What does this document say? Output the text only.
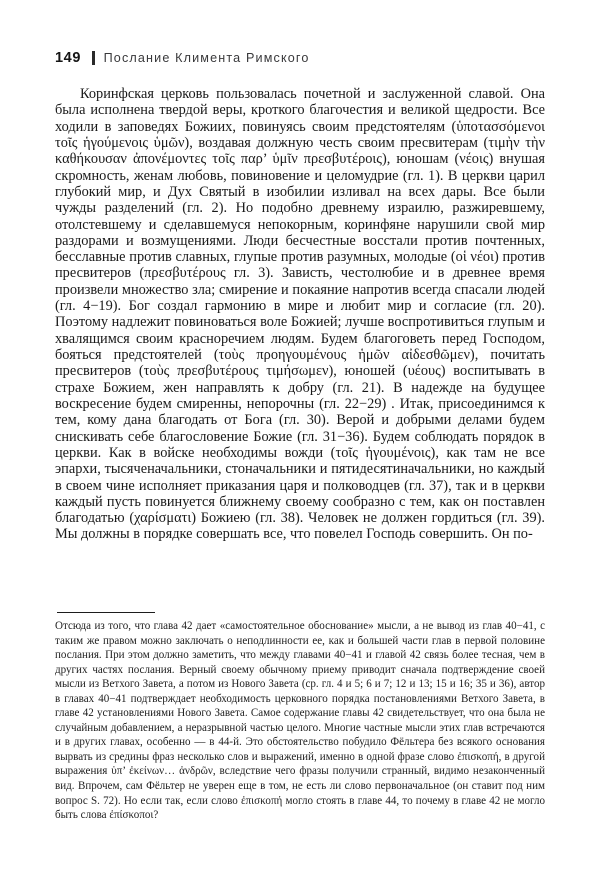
149 Послание Климента Римского

Коринфская церковь пользовалась почетной и заслуженной славой. Она была исполнена твердой веры, кроткого благочестия и великой щедрости. Все ходили в заповедях Божиих, повинуясь своим предстоятелям (ὑποτασσόμενοι τοῖς ἡγούμενοις ὑμῶν), воздавая должную честь своим пресвитерам (τιμὴν τὴν καθήκουσαν ἀπονέμοντες τοῖς παρ’ ὑμῖν πρεσβυτέροις), юношам (νέοις) внушая скромность, женам любовь, повиновение и целомудрие (гл. 1). В церкви царил глубокий мир, и Дух Святый в изобилии изливал на всех дары. Все были чужды разделений (гл. 2). Но подобно древнему израилю, разжиревшему, отолстевшему и сделавшемуся непокорным, коринфяне нарушили свой мир раздорами и возмущениями. Люди бесчестные восстали против почтенных, бесславные против славных, глупые против разумных, молодые (οἱ νέοι) против пресвитеров (πρεσβυτέρους гл. 3). Зависть, честолюбие и в древнее время произвели множество зла; смирение и покаяние напротив всегда спасали людей (гл. 4−19). Бог создал гармонию в мире и любит мир и согласие (гл. 20). Поэтому надлежит повиноваться воле Божией; лучше воспротивиться глупым и хвалящимся своим красноречием людям. Будем благоговеть перед Господом, бояться предстоятелей (τοὺς προηγουμένους ἡμῶν αἰδεσθῶμεν), почитать пресвитеров (τοὺς πρεσβυτέρους τιμήσωμεν), юношей (υέους) воспитывать в страхе Божием, жен направлять к добру (гл. 21). В надежде на будущее воскресение будем смиренны, непорочны (гл. 22−29) . Итак, присоединимся к тем, кому дана благодать от Бога (гл. 30). Верой и добрыми делами будем снискивать себе благословение Божие (гл. 31−36). Будем соблюдать порядок в церкви. Как в войске необходимы вожди (τοῖς ἡγουμένοις), как там не все эпархи, тысяченачальники, стоначальники и пятидесятиначальники, но каждый в своем чине исполняет приказания царя и полководцев (гл. 37), так и в церкви каждый пусть повинуется ближнему своему сообразно с тем, как он поставлен благодатью (χαρίσματι) Божиею (гл. 38). Человек не должен гордиться (гл. 39). Мы должны в порядке совершать все, что повелел Господь совершить. Он по-

Отсюда из того, что глава 42 дает «самостоятельное обоснование» мысли, а не вывод из глав 40−41, с таким же правом можно заключать о неподлинности ее, как и большей части глав в первой половине послания. При этом должно заметить, что между главами 40−41 и главой 42 связь более тесная, чем в других частях послания. Верный своему обычному приему приводит сначала подтверждение своей мысли из Ветхого Завета, а потом из Нового Завета (ср. гл. 4 и 5; 6 и 7; 12 и 13; 15 и 16; 35 и 36), автор в главах 40−41 подтверждает необходимость церковного порядка постановлениями Ветхого Завета, в главе 42 установлениями Нового Завета. Самое содержание главы 42 свидетельствует, что она была не случайным добавлением, а неразрывной частью целого. Многие частные мысли этих глав встречаются и в других главах, особенно — в 44-й. Это обстоятельство побудило Фёльтера без всякого основания вырвать из средины фраз несколько слов и выражений, именно в одной фразе слово ἐπισκοπή, в другой выражения ὑπ’ ἐκείνων… ἀνδρῶν, вследствие чего фразы получили странный, видимо незаконченный вид. Впрочем, сам Фёльтер не уверен еще в том, не есть ли слово первоначальное (он ставит под ним вопрос S. 72). Но если так, если слово ἐπισκοπή могло стоять в главе 44, то почему в главе 42 не могло быть слова ἐπίσκοποι?
